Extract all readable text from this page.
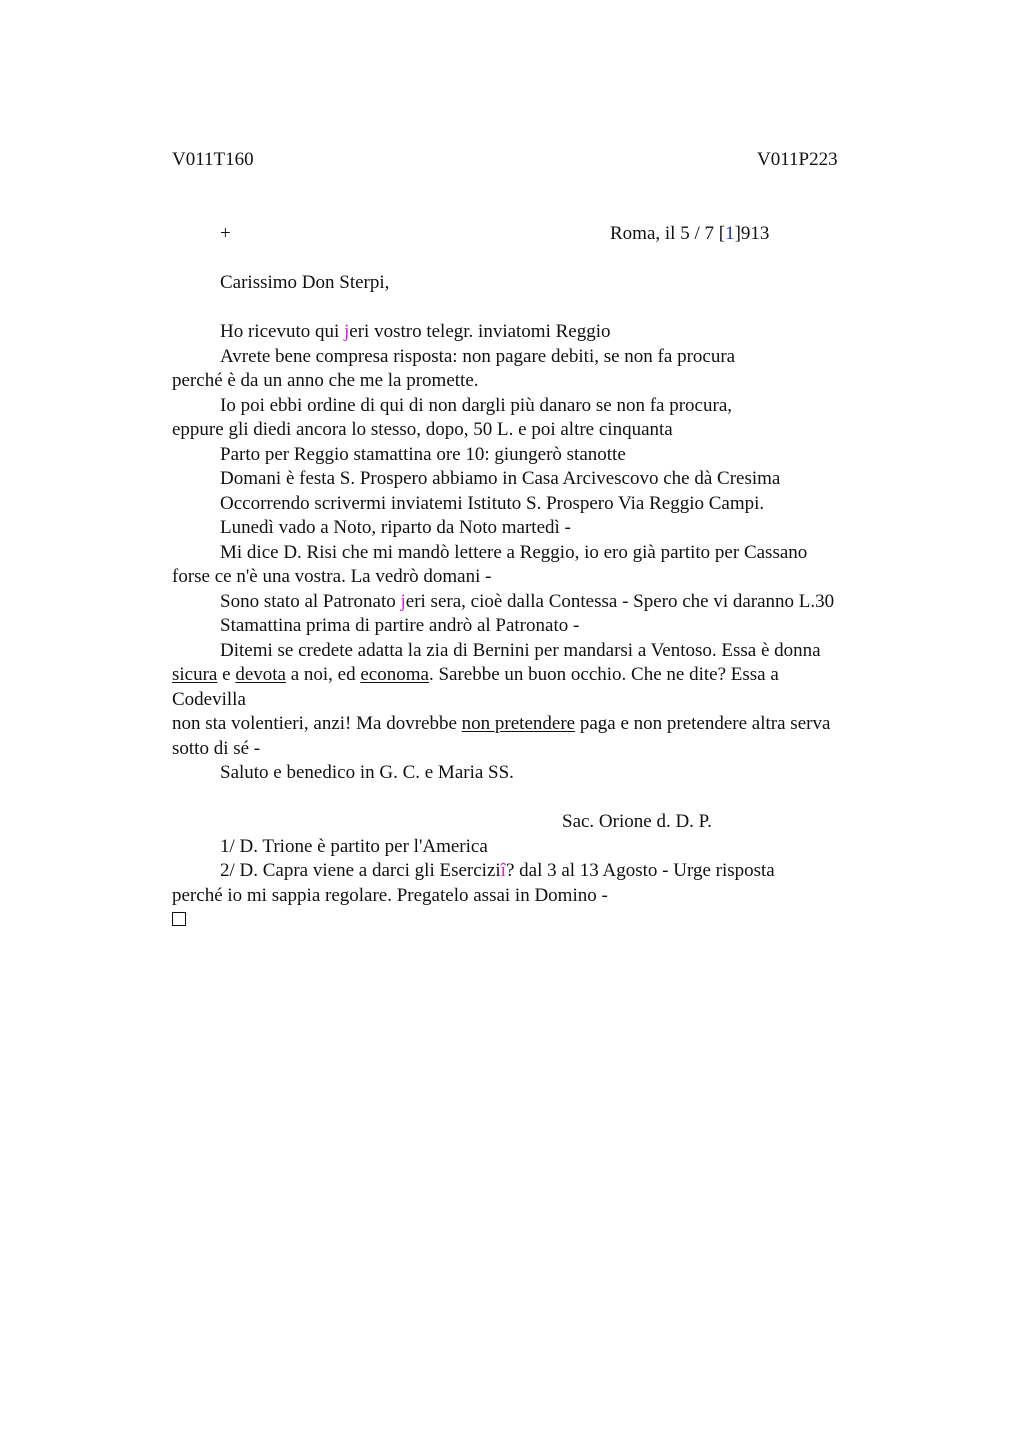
V011T160	V011P223
+	Roma, il 5 / 7 [1]913
Carissimo Don Sterpi,
Ho ricevuto qui jeri vostro telegr. inviatomi Reggio
Avrete bene compresa risposta: non pagare debiti, se non fa procura
perché è da un anno che me la promette.
Io poi ebbi ordine di qui di non dargli più danaro se non fa procura,
eppure gli diedi ancora lo stesso, dopo, 50 L. e poi altre cinquanta
Parto per Reggio stamattina ore 10: giungerò stanotte
Domani è festa S. Prospero abbiamo in Casa Arcivescovo che dà Cresima
Occorrendo scrivermi inviatemi Istituto S. Prospero Via Reggio Campi.
Lunedì vado a Noto, riparto da Noto martedì -
Mi dice D. Risi che mi mandò lettere a Reggio, io ero già partito per Cassano
forse ce n'è una vostra. La vedrò domani -
Sono stato al Patronato jeri sera, cioè dalla Contessa - Spero che vi daranno L.30
Stamattina prima di partire andrò al Patronato -
Ditemi se credete adatta la zia di Bernini per mandarsi a Ventoso. Essa è donna
sicura e devota a noi, ed economa. Sarebbe un buon occhio. Che ne dite? Essa a
Codevilla
non sta volentieri, anzi! Ma dovrebbe non pretendere paga e non pretendere altra serva
sotto di sé -
Saluto e benedico in G. C. e Maria SS.
Sac. Orione d. D. P.
1/ D. Trione è partito per l'America
2/ D. Capra viene a darci gli Eserciziî? dal 3 al 13 Agosto - Urge risposta
perché io mi sappia regolare. Pregatelo assai in Domino -
